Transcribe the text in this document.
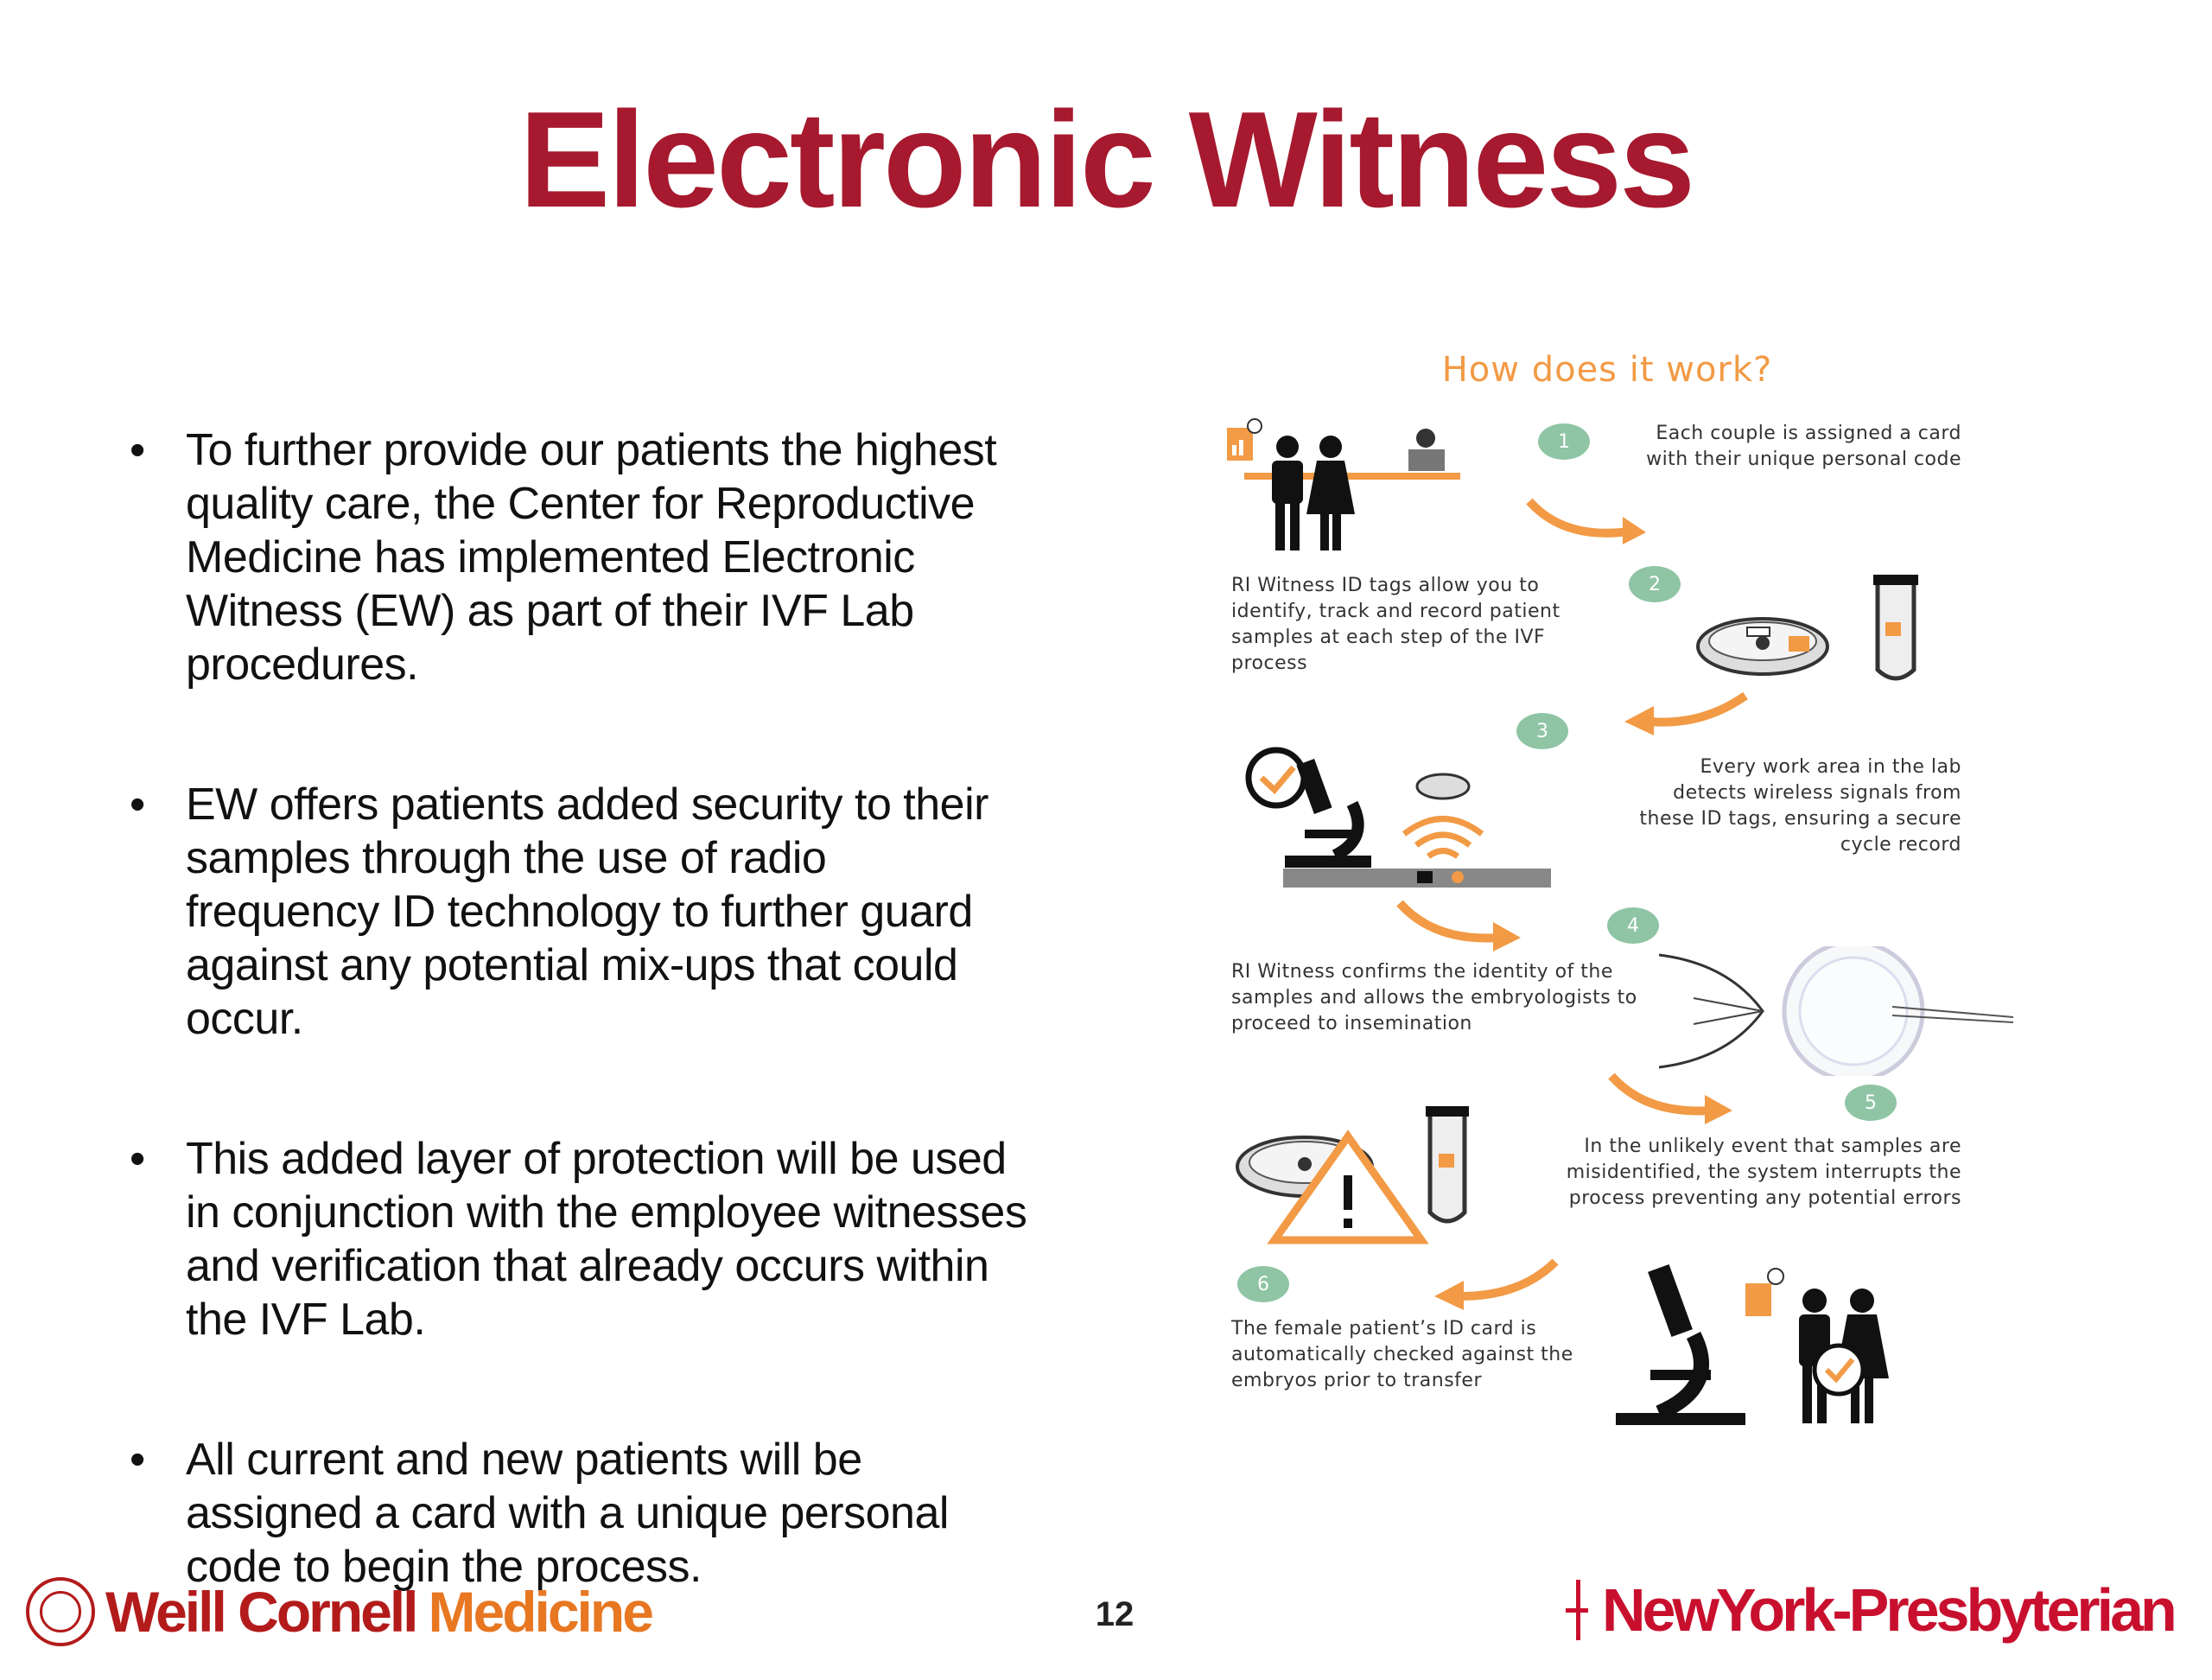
Electronic Witness
• To further provide our patients the highest quality care, the Center for Reproductive Medicine has implemented Electronic Witness (EW) as part of their IVF Lab procedures.
• EW offers patients added security to their samples through the use of radio frequency ID technology to further guard against any potential mix-ups that could occur.
• This added layer of protection will be used in conjunction with the employee witnesses and verification that already occurs within the IVF Lab.
• All current and new patients will be assigned a card with a unique personal code to begin the process.
How does it work?
1	Each couple is assigned a card with their unique personal code
2
RI Witness ID tags allow you to identify, track and record patient samples at each step of the IVF process
3
Every work area in the lab detects wireless signals from these ID tags, ensuring a secure cycle record
4
RI Witness confirms the identity of the samples and allows the embryologists to proceed to insemination
5
In the unlikely event that samples are misidentified, the system interrupts the process preventing any potential errors
6
The female patient’s ID card is automatically checked against the embryos prior to transfer
Weill Cornell Medicine	12	NewYork-Presbyterian
